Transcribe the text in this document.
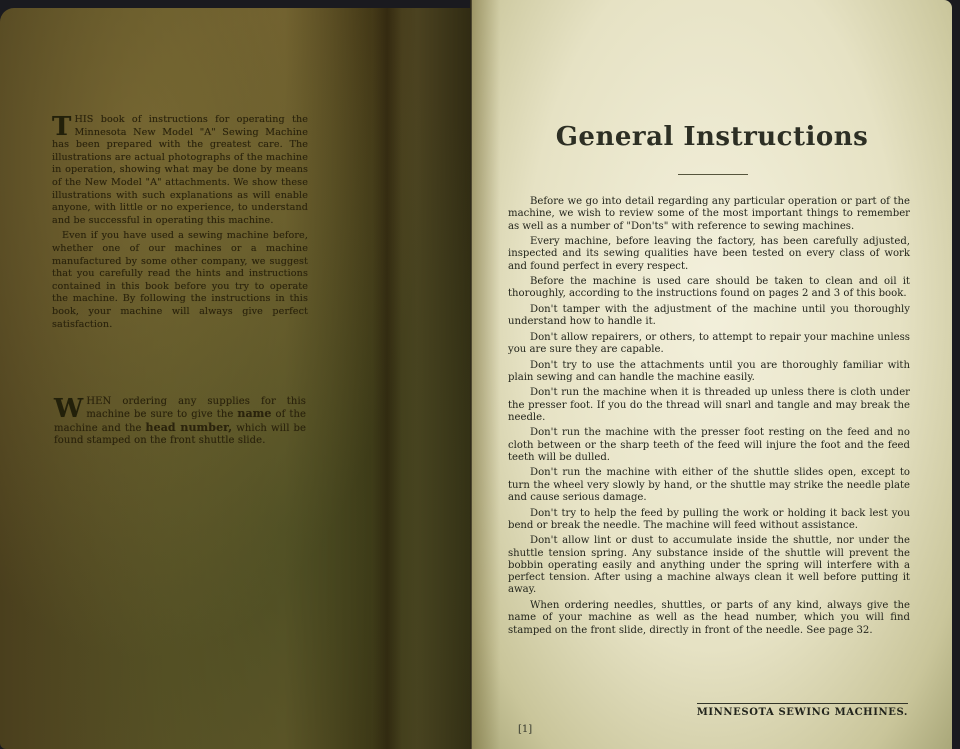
THIS book of instructions for operating the Minnesota New Model "A" Sewing Machine has been prepared with the greatest care. The illustrations are actual photographs of the machine in operation, showing what may be done by means of the New Model "A" attachments. We show these illustrations with such explanations as will enable anyone, with little or no experience, to understand and be successful in operating this machine.

Even if you have used a sewing machine before, whether one of our machines or a machine manufactured by some other company, we suggest that you carefully read the hints and instructions contained in this book before you try to operate the machine. By following the instructions in this book, your machine will always give perfect satisfaction.

WHEN ordering any supplies for this machine be sure to give the name of the machine and the head number, which will be found stamped on the front shuttle slide.

General Instructions

Before we go into detail regarding any particular operation or part of the machine, we wish to review some of the most important things to remember as well as a number of "Don'ts" with reference to sewing machines.

Every machine, before leaving the factory, has been carefully adjusted, inspected and its sewing qualities have been tested on every class of work and found perfect in every respect.

Before the machine is used care should be taken to clean and oil it thoroughly, according to the instructions found on pages 2 and 3 of this book.

Don't tamper with the adjustment of the machine until you thoroughly understand how to handle it.

Don't allow repairers, or others, to attempt to repair your machine unless you are sure they are capable.

Don't try to use the attachments until you are thoroughly familiar with plain sewing and can handle the machine easily.

Don't run the machine when it is threaded up unless there is cloth under the presser foot. If you do the thread will snarl and tangle and may break the needle.

Don't run the machine with the presser foot resting on the feed and no cloth between or the sharp teeth of the feed will injure the foot and the feed teeth will be dulled.

Don't run the machine with either of the shuttle slides open, except to turn the wheel very slowly by hand, or the shuttle may strike the needle plate and cause serious damage.

Don't try to help the feed by pulling the work or holding it back lest you bend or break the needle. The machine will feed without assistance.

Don't allow lint or dust to accumulate inside the shuttle, nor under the shuttle tension spring. Any substance inside of the shuttle will prevent the bobbin operating easily and anything under the spring will interfere with a perfect tension. After using a machine always clean it well before putting it away.

When ordering needles, shuttles, or parts of any kind, always give the name of your machine as well as the head number, which you will find stamped on the front slide, directly in front of the needle. See page 32.

MINNESOTA SEWING MACHINES.
[1]
